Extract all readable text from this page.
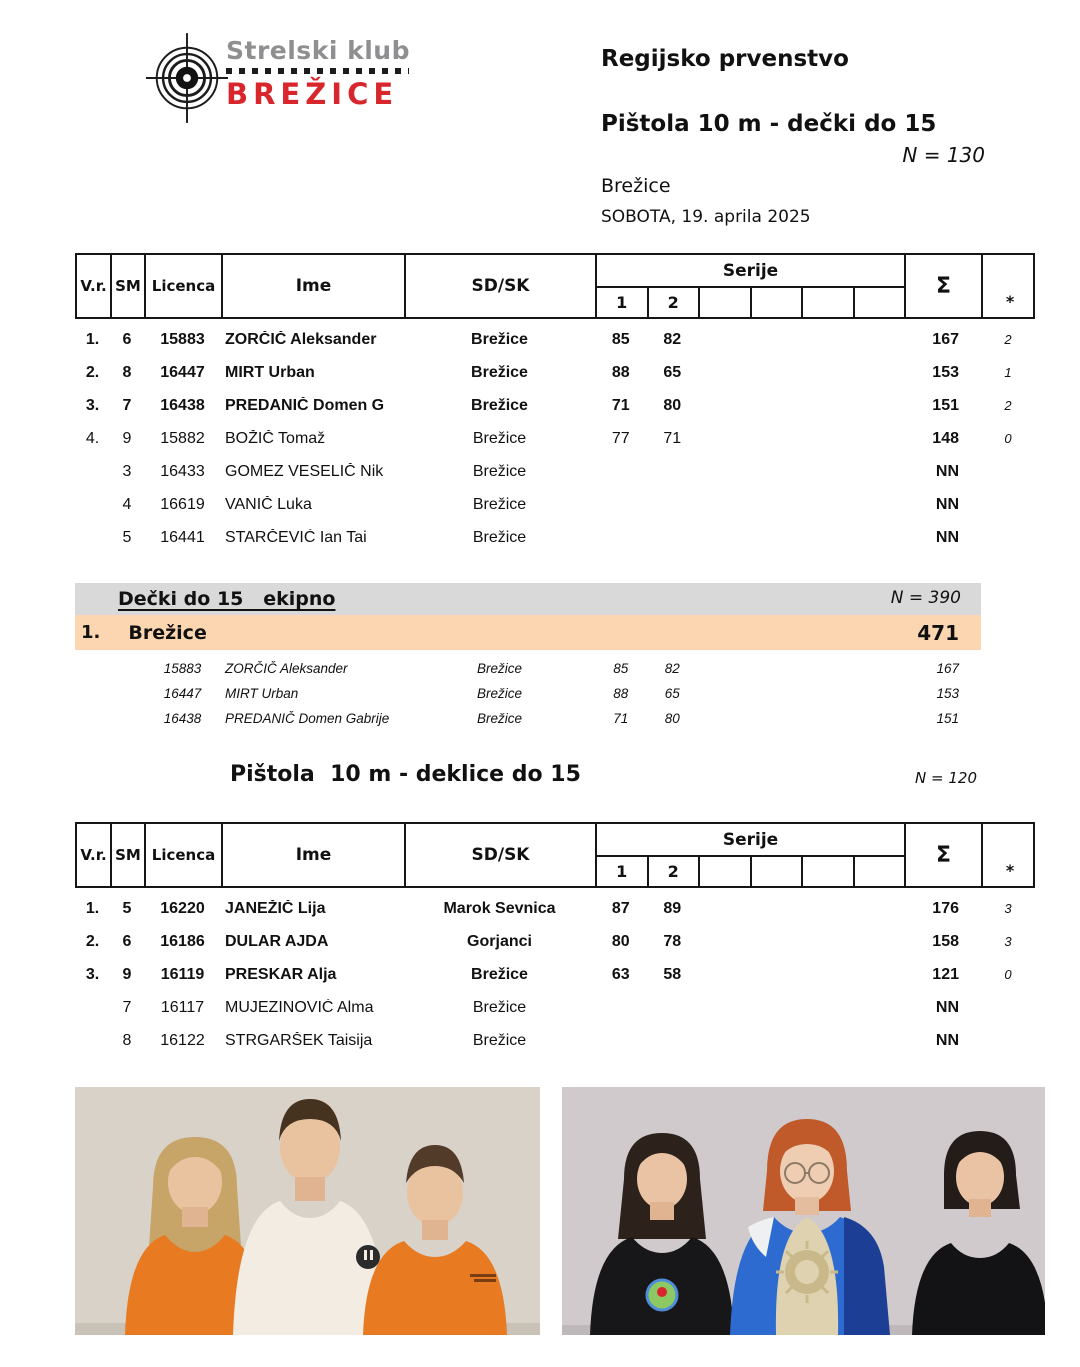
Strelski klub
BREŽICE
Regijsko prvenstvo
Pištola 10 m - dečki do 15
N = 130
Brežice
SOBOTA, 19. aprila 2025
V.r. SM Licenca	Ime	SD/SK
Serije
1	2
Σ
*
1.	6	15883	ZORČIČ Aleksander	Brežice	85	82	167	2
2.	8	16447	MIRT Urban	Brežice	88	65	153	1
3.	7	16438	PREDANIČ Domen G	Brežice	71	80	151	2
4.	9	15882	BOŽIČ Tomaž	Brežice	77	71	148	0
3	16433	GOMEZ VESELIČ Nik	Brežice	NN
4	16619	VANIČ Luka	Brežice	NN
5	16441	STARČEVIĆ Ian Tai	Brežice	NN
Dečki do 15   ekipno	N = 390
1. Brežice	471
15883	ZORČIČ Aleksander	Brežice	85	82	167
16447	MIRT Urban	Brežice	88	65	153
16438	PREDANIČ Domen Gabrije	Brežice	71	80	151
Pištola  10 m - deklice do 15	N = 120
V.r. SM Licenca	Ime	SD/SK
Serije
1	2
Σ
*
1.	5	16220	JANEŽIČ Lija	Marok Sevnica	87	89	176	3
2.	6	16186	DULAR AJDA	Gorjanci	80	78	158	3
3.	9	16119	PRESKAR Alja	Brežice	63	58	121	0
7	16117	MUJEZINOVIĆ Alma	Brežice	NN
8	16122	STRGARŠEK Taisija	Brežice	NN
